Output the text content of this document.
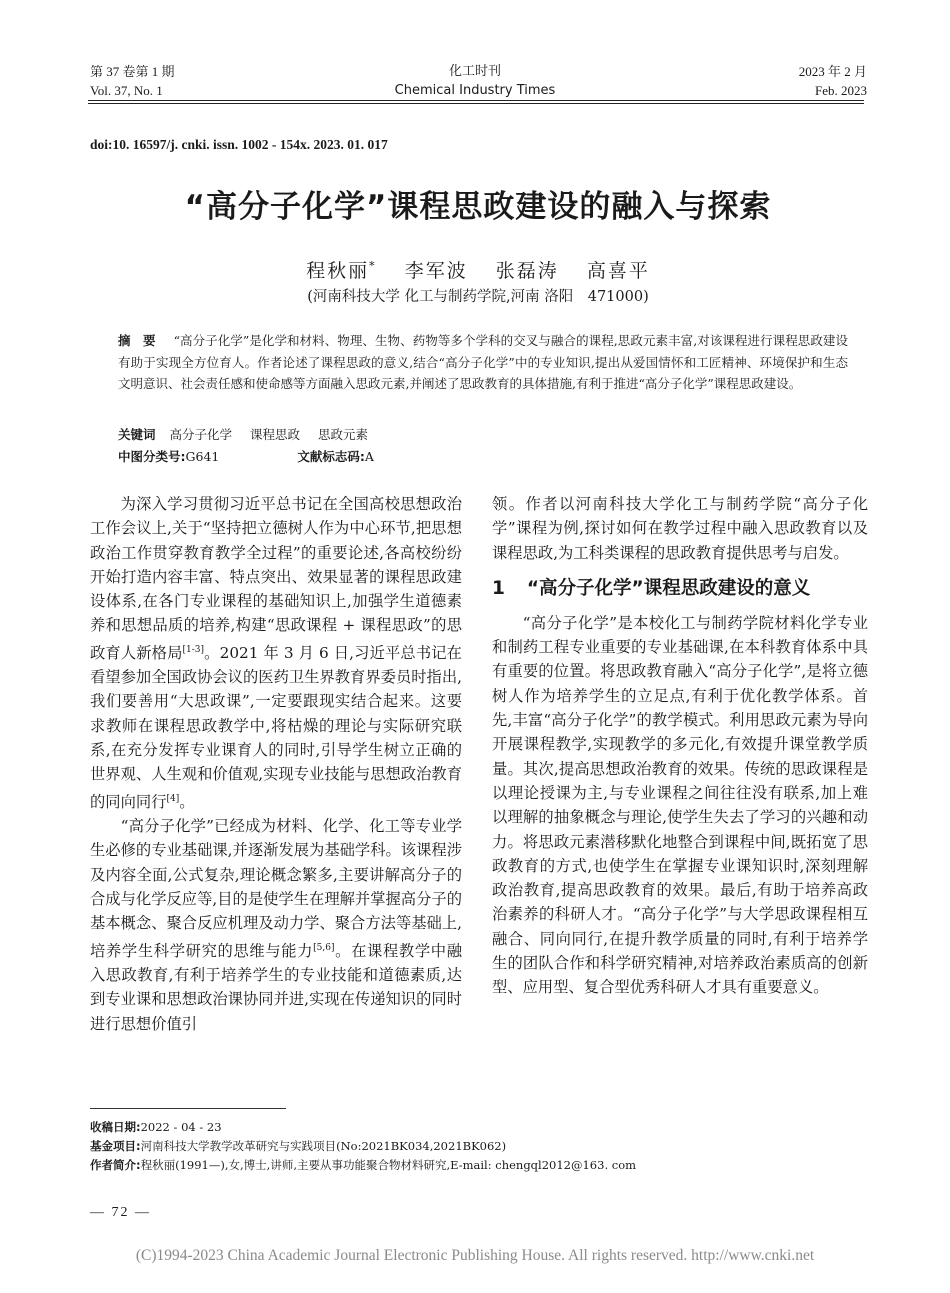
第 37 卷第 1 期
Vol. 37, No. 1
化工时刊
Chemical Industry Times
2023 年 2 月
Feb. 2023
doi:10. 16597/j. cnki. issn. 1002 - 154x. 2023. 01. 017
“高分子化学”课程思政建设的融入与探索
程秋丽* 李军波 张磊涛 高喜平
(河南科技大学 化工与制药学院,河南 洛阳　471000)
摘 要 “高分子化学”是化学和材料、物理、生物、药物等多个学科的交叉与融合的课程,思政元素丰富,对该课程进行课程思政建设有助于实现全方位育人。作者论述了课程思政的意义,结合“高分子化学”中的专业知识,提出从爱国情怀和工匠精神、环境保护和生态文明意识、社会责任感和使命感等方面融入思政元素,并阐述了思政教育的具体措施,有利于推进“高分子化学”课程思政建设。
关键词 高分子化学 课程思政 思政元素
中图分类号:G641	文献标志码:A

为深入学习贯彻习近平总书记在全国高校思想政治工作会议上,关于“坚持把立德树人作为中心环节,把思想政治工作贯穿教育教学全过程”的重要论述,各高校纷纷开始打造内容丰富、特点突出、效果显著的课程思政建设体系,在各门专业课程的基础知识上,加强学生道德素养和思想品质的培养,构建“思政课程 + 课程思政”的思政育人新格局[1-3]。2021 年 3 月 6 日,习近平总书记在看望参加全国政协会议的医药卫生界教育界委员时指出,我们要善用“大思政课”,一定要跟现实结合起来。这要求教师在课程思政教学中,将枯燥的理论与实际研究联系,在充分发挥专业课育人的同时,引导学生树立正确的世界观、人生观和价值观,实现专业技能与思想政治教育的同向同行[4]。

“高分子化学”已经成为材料、化学、化工等专业学生必修的专业基础课,并逐渐发展为基础学科。该课程涉及内容全面,公式复杂,理论概念繁多,主要讲解高分子的合成与化学反应等,目的是使学生在理解并掌握高分子的基本概念、聚合反应机理及动力学、聚合方法等基础上,培养学生科学研究的思维与能力[5,6]。在课程教学中融入思政教育,有利于培养学生的专业技能和道德素质,达到专业课和思想政治课协同并进,实现在传递知识的同时进行思想价值引

领。作者以河南科技大学化工与制药学院“高分子化学”课程为例,探讨如何在教学过程中融入思政教育以及课程思政,为工科类课程的思政教育提供思考与启发。

1 “高分子化学”课程思政建设的意义

“高分子化学”是本校化工与制药学院材料化学专业和制药工程专业重要的专业基础课,在本科教育体系中具有重要的位置。将思政教育融入“高分子化学”,是将立德树人作为培养学生的立足点,有利于优化教学体系。首先,丰富“高分子化学”的教学模式。利用思政元素为导向开展课程教学,实现教学的多元化,有效提升课堂教学质量。其次,提高思想政治教育的效果。传统的思政课程是以理论授课为主,与专业课程之间往往没有联系,加上难以理解的抽象概念与理论,使学生失去了学习的兴趣和动力。将思政元素潜移默化地整合到课程中间,既拓宽了思政教育的方式,也使学生在掌握专业课知识时,深刻理解政治教育,提高思政教育的效果。最后,有助于培养高政治素养的科研人才。“高分子化学”与大学思政课程相互融合、同向同行,在提升教学质量的同时,有利于培养学生的团队合作和科学研究精神,对培养政治素质高的创新型、应用型、复合型优秀科研人才具有重要意义。

收稿日期:2022 - 04 - 23
基金项目:河南科技大学教学改革研究与实践项目(No:2021BK034,2021BK062)
作者简介:程秋丽(1991—),女,博士,讲师,主要从事功能聚合物材料研究,E-mail: chengql2012@163. com
— 72 —
(C)1994-2023 China Academic Journal Electronic Publishing House. All rights reserved. http://www.cnki.net
